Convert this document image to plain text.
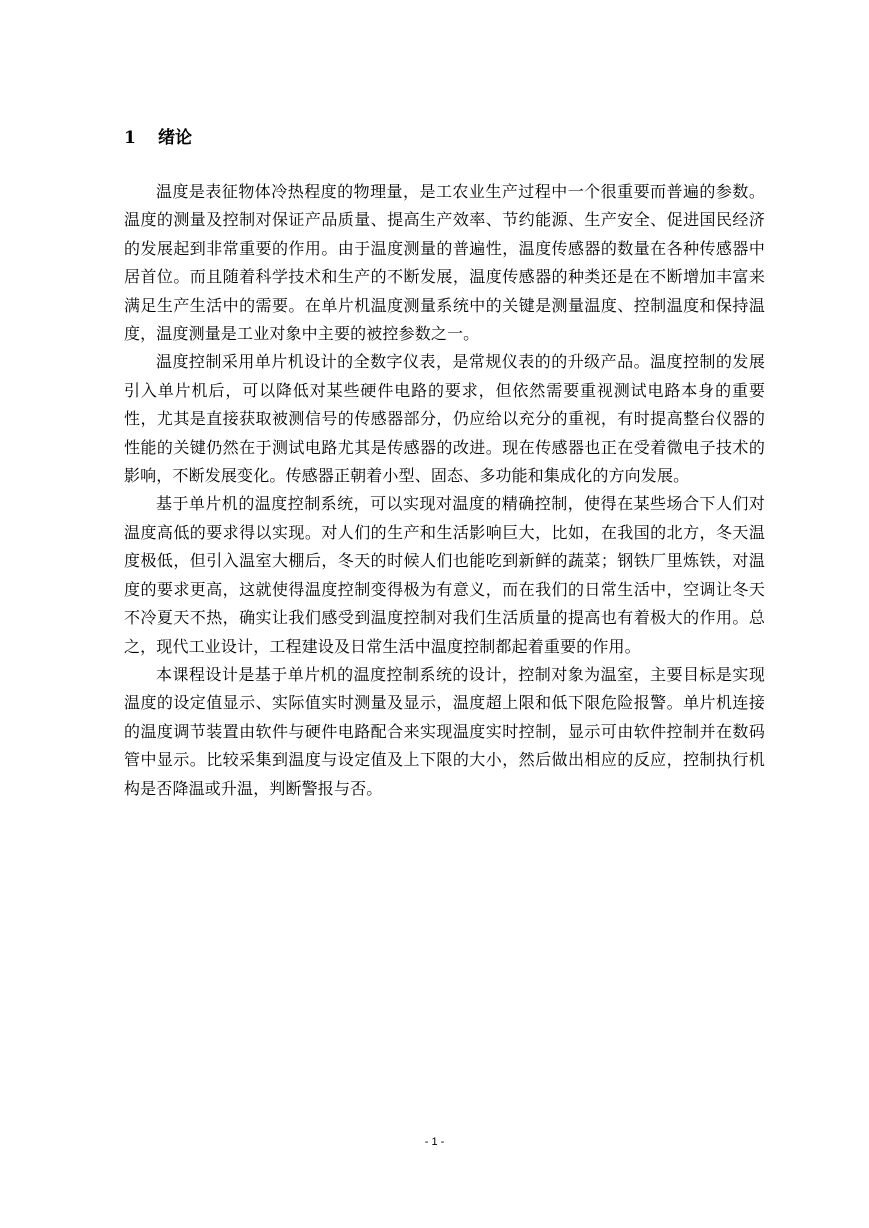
1 绪论

温度是表征物体冷热程度的物理量，是工农业生产过程中一个很重要而普遍的参数。温度的测量及控制对保证产品质量、提高生产效率、节约能源、生产安全、促进国民经济的发展起到非常重要的作用。由于温度测量的普遍性，温度传感器的数量在各种传感器中居首位。而且随着科学技术和生产的不断发展，温度传感器的种类还是在不断增加丰富来满足生产生活中的需要。在单片机温度测量系统中的关键是测量温度、控制温度和保持温度，温度测量是工业对象中主要的被控参数之一。

温度控制采用单片机设计的全数字仪表，是常规仪表的的升级产品。温度控制的发展引入单片机后，可以降低对某些硬件电路的要求，但依然需要重视测试电路本身的重要性，尤其是直接获取被测信号的传感器部分，仍应给以充分的重视，有时提高整台仪器的性能的关键仍然在于测试电路尤其是传感器的改进。现在传感器也正在受着微电子技术的影响，不断发展变化。传感器正朝着小型、固态、多功能和集成化的方向发展。

基于单片机的温度控制系统，可以实现对温度的精确控制，使得在某些场合下人们对温度高低的要求得以实现。对人们的生产和生活影响巨大，比如，在我国的北方，冬天温度极低，但引入温室大棚后，冬天的时候人们也能吃到新鲜的蔬菜；钢铁厂里炼铁，对温度的要求更高，这就使得温度控制变得极为有意义，而在我们的日常生活中，空调让冬天不冷夏天不热，确实让我们感受到温度控制对我们生活质量的提高也有着极大的作用。总之，现代工业设计，工程建设及日常生活中温度控制都起着重要的作用。

本课程设计是基于单片机的温度控制系统的设计，控制对象为温室，主要目标是实现温度的设定值显示、实际值实时测量及显示，温度超上限和低下限危险报警。单片机连接的温度调节装置由软件与硬件电路配合来实现温度实时控制，显示可由软件控制并在数码管中显示。比较采集到温度与设定值及上下限的大小，然后做出相应的反应，控制执行机构是否降温或升温，判断警报与否。

- 1 -
